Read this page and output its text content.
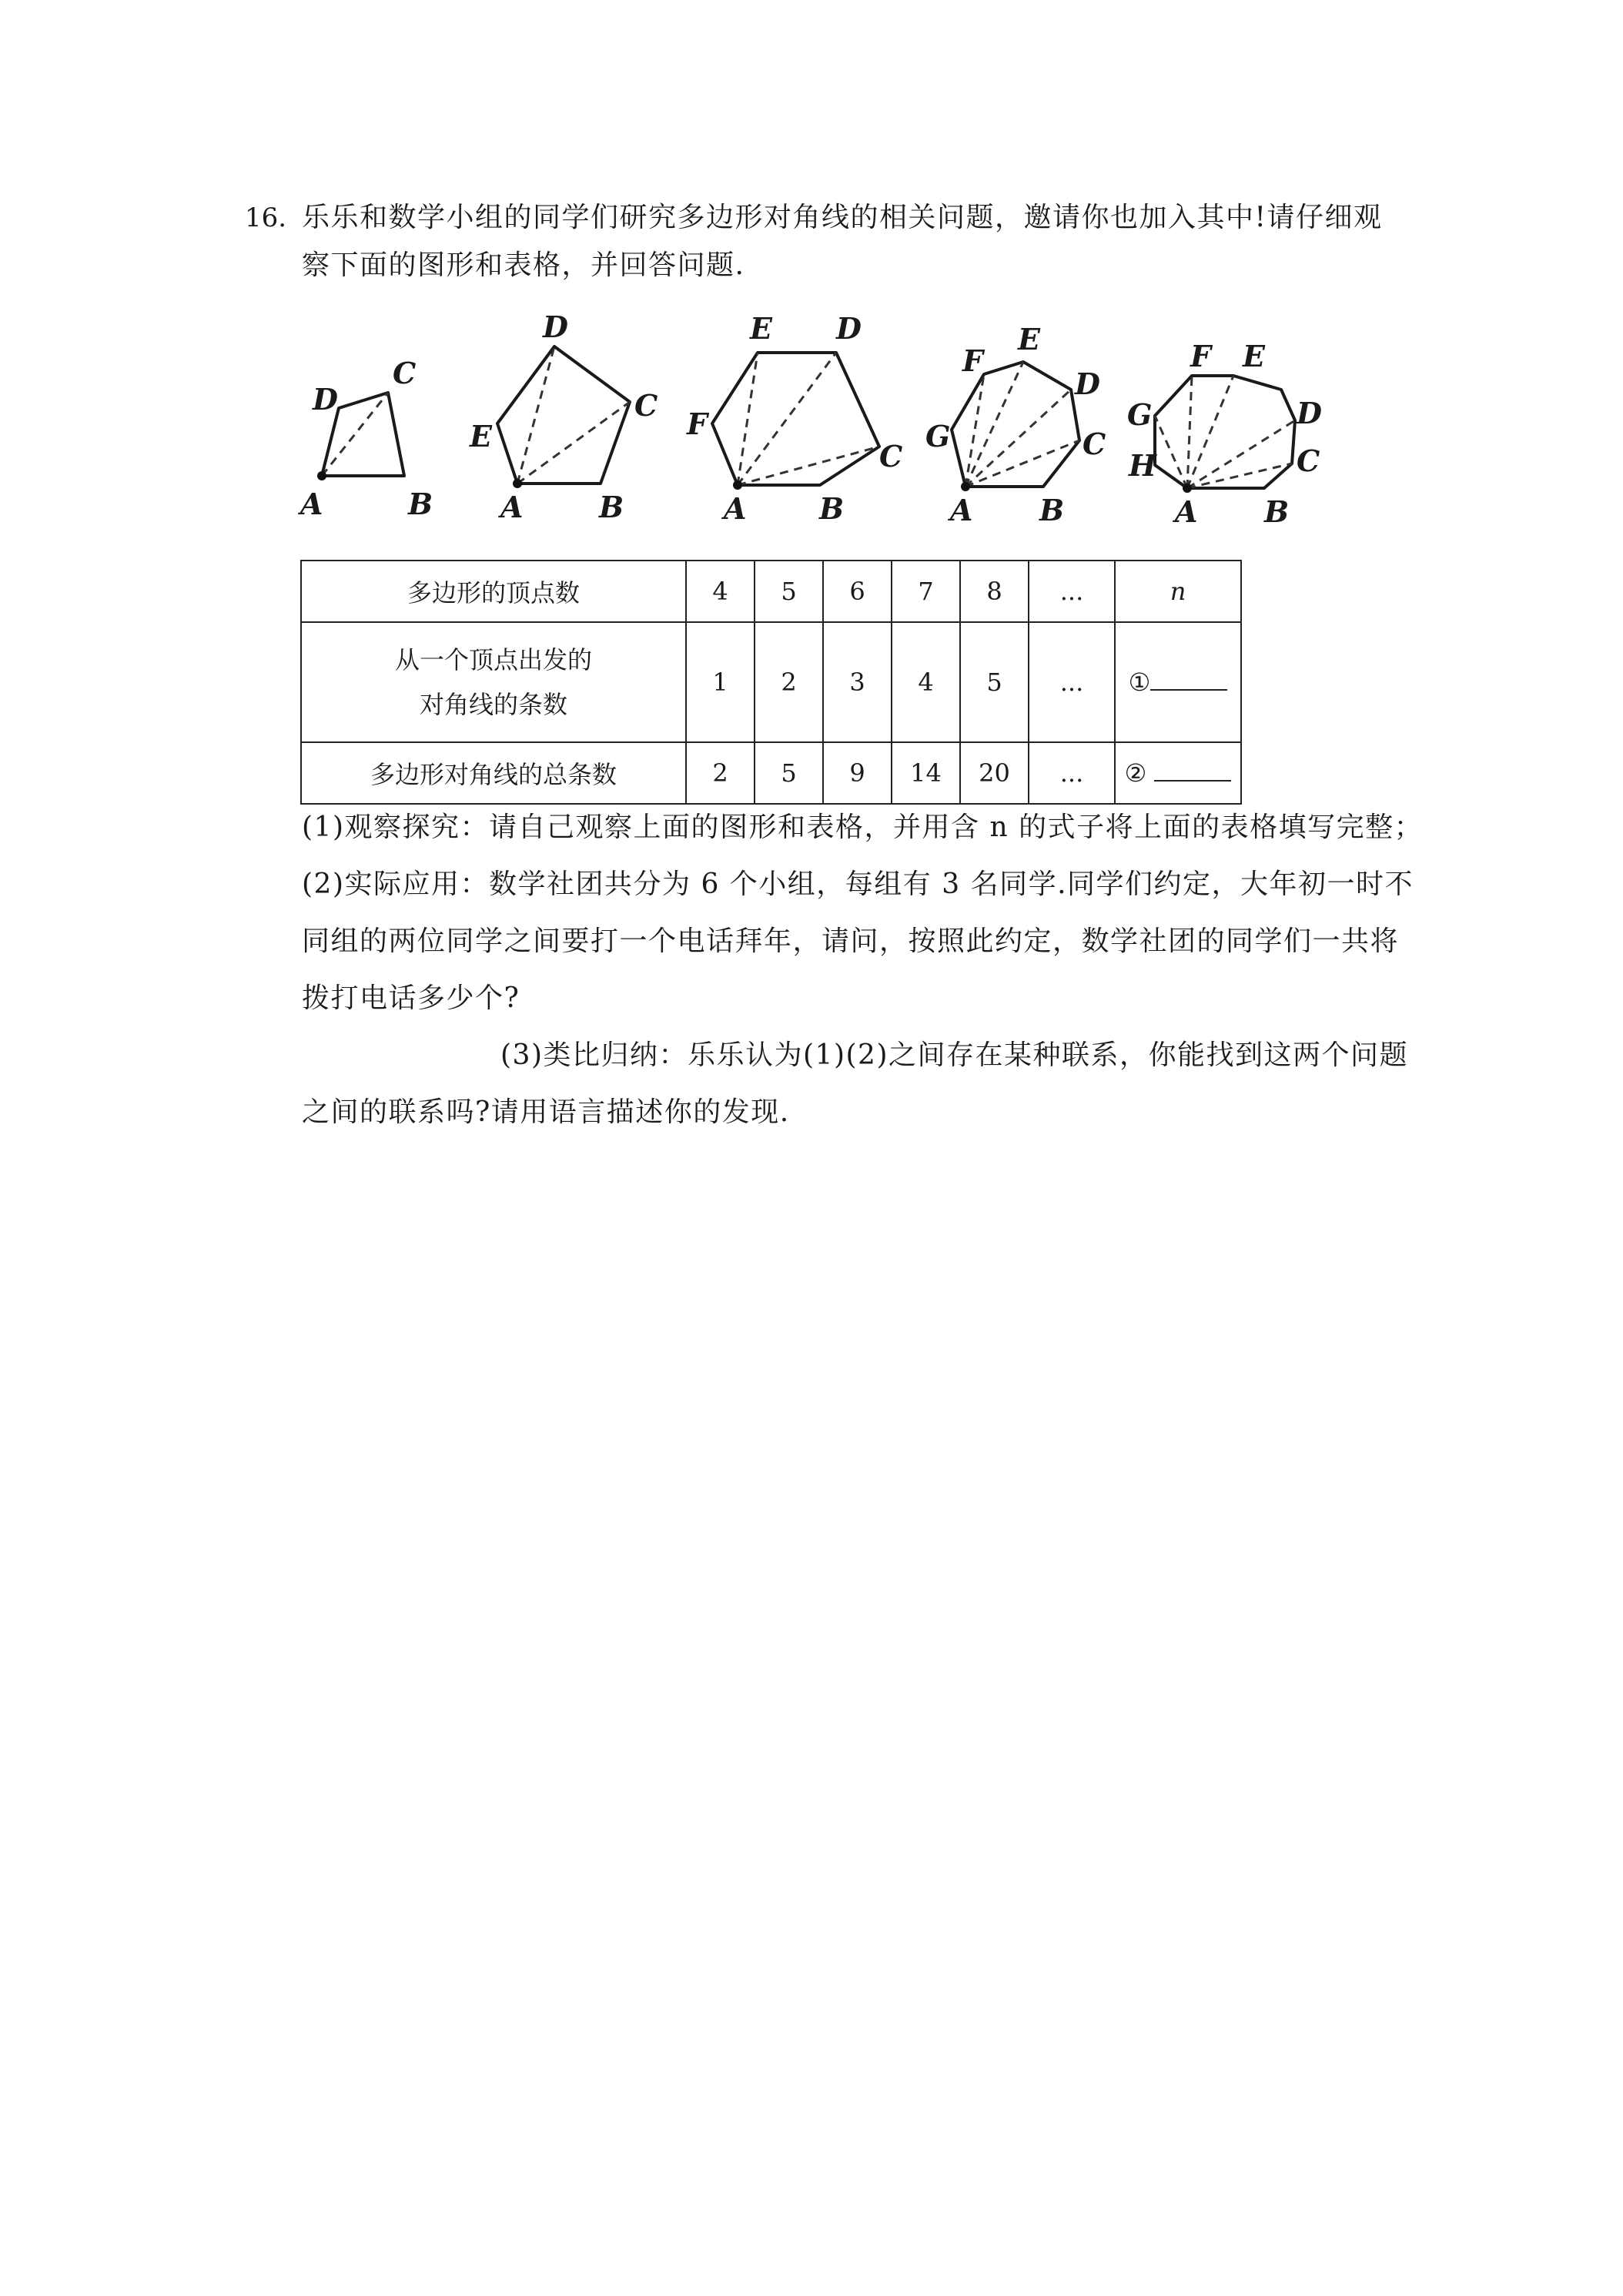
16. 乐乐和数学小组的同学们研究多边形对角线的相关问题，邀请你也加入其中!请仔细观
察下面的图形和表格，并回答问题.
A	B
C
D
A	B
C
D
E
A B
C
D
E
F
A B
C
D
E
F
G
A B
C
D
E
F
G
H
多边形的顶点数	4	5	6	7	8	...	n

从一个顶点出发的
对角线的条数	1	2	3	4	5	...	①
多边形对角线的总条数	2	5	9	14	20	...	②
(1)观察探究：请自己观察上面的图形和表格，并用含 n 的式子将上面的表格填写完整；
(2)实际应用：数学社团共分为 6 个小组，每组有 3 名同学.同学们约定，大年初一时不
同组的两位同学之间要打一个电话拜年，请问，按照此约定，数学社团的同学们一共将
拨打电话多少个?
(3)类比归纳：乐乐认为(1)(2)之间存在某种联系，你能找到这两个问题
之间的联系吗?请用语言描述你的发现.
